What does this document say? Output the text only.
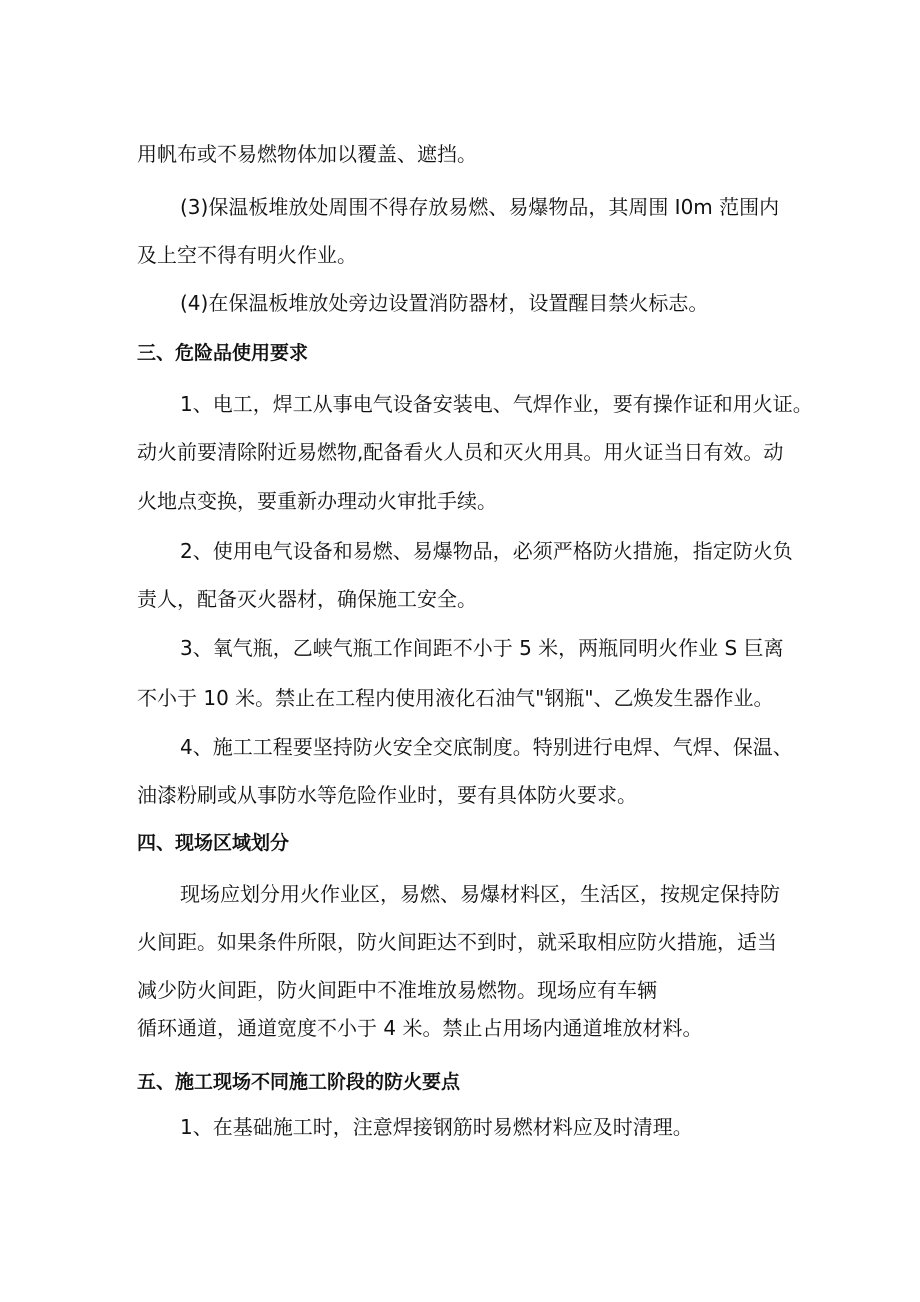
用帆布或不易燃物体加以覆盖、遮挡。
(3)保温板堆放处周围不得存放易燃、易爆物品，其周围 I0m 范围内
及上空不得有明火作业。
(4)在保温板堆放处旁边设置消防器材，设置醒目禁火标志。
三、危险品使用要求
1、电工，焊工从事电气设备安装电、气焊作业，要有操作证和用火证。
动火前要清除附近易燃物,配备看火人员和灭火用具。用火证当日有效。动
火地点变换，要重新办理动火审批手续。
2、使用电气设备和易燃、易爆物品，必须严格防火措施，指定防火负
责人，配备灭火器材，确保施工安全。
3、氧气瓶，乙峡气瓶工作间距不小于 5 米，两瓶同明火作业 S 巨离
不小于 10 米。禁止在工程内使用液化石油气"钢瓶"、乙焕发生器作业。
4、施工工程要坚持防火安全交底制度。特别进行电焊、气焊、保温、
油漆粉刷或从事防水等危险作业时，要有具体防火要求。
四、现场区域划分
现场应划分用火作业区，易燃、易爆材料区，生活区，按规定保持防
火间距。如果条件所限，防火间距达不到时，就采取相应防火措施，适当
减少防火间距，防火间距中不准堆放易燃物。现场应有车辆
循环通道，通道宽度不小于 4 米。禁止占用场内通道堆放材料。
五、施工现场不同施工阶段的防火要点
1、在基础施工时，注意焊接钢筋时易燃材料应及时清理。
